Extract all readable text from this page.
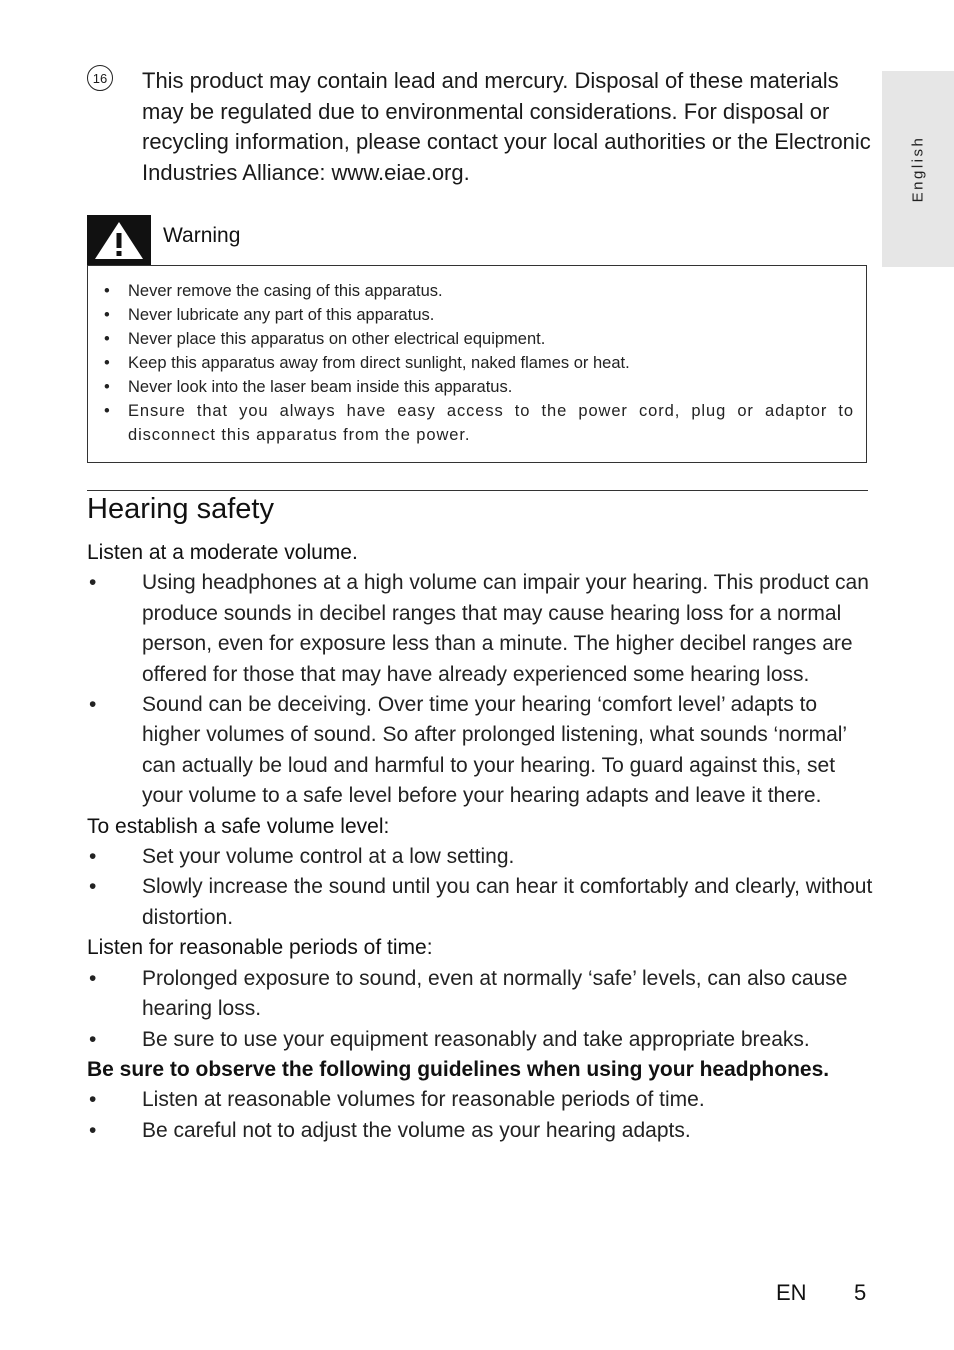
English
16 This product may contain lead and mercury. Disposal of these materials may be regulated due to environmental considerations. For disposal or recycling information, please contact your local authorities or the Electronic Industries Alliance: www.eiae.org.
Warning
• Never remove the casing of this apparatus.
• Never lubricate any part of this apparatus.
• Never place this apparatus on other electrical equipment.
• Keep this apparatus away from direct sunlight, naked flames or heat.
• Never look into the laser beam inside this apparatus.
• Ensure that you always have easy access to the power cord, plug or adaptor to disconnect this apparatus from the power.
Hearing safety
Listen at a moderate volume.
• Using headphones at a high volume can impair your hearing. This product can produce sounds in decibel ranges that may cause hearing loss for a normal person, even for exposure less than a minute. The higher decibel ranges are offered for those that may have already experienced some hearing loss.
• Sound can be deceiving. Over time your hearing ‘comfort level’ adapts to higher volumes of sound. So after prolonged listening, what sounds ‘normal’ can actually be loud and harmful to your hearing. To guard against this, set your volume to a safe level before your hearing adapts and leave it there.
To establish a safe volume level:
• Set your volume control at a low setting.
• Slowly increase the sound until you can hear it comfortably and clearly, without distortion.
Listen for reasonable periods of time:
• Prolonged exposure to sound, even at normally ‘safe’ levels, can also cause hearing loss.
• Be sure to use your equipment reasonably and take appropriate breaks.
Be sure to observe the following guidelines when using your headphones.
• Listen at reasonable volumes for reasonable periods of time.
• Be careful not to adjust the volume as your hearing adapts.
EN 5
